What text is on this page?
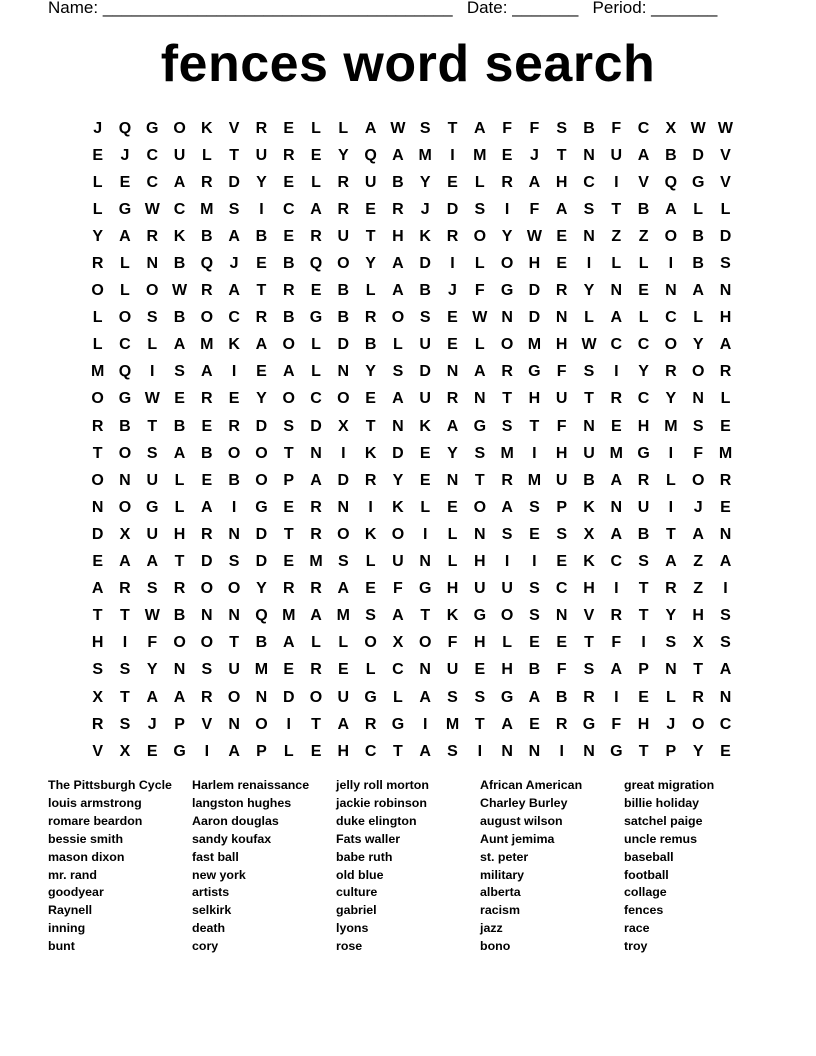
Name: _____________________________________ Date: _______ Period: _______
fences word search
J	Q	G	O	K	V	R	E	L	L	A	W	S	T	A	F	F	S	B	F	C	X	W	W
E	J	C	U	L	T	U	R	E	Y	Q	A	M	I	M	E	J	T	N	U	A	B	D	V
L	E	C	A	R	D	Y	E	L	R	U	B	Y	E	L	R	A	H	C	I	V	Q	G	V
L	G	W	C	M	S	I	C	A	R	E	R	J	D	S	I	F	A	S	T	B	A	L	L
Y	A	R	K	B	A	B	E	R	U	T	H	K	R	O	Y	W	E	N	Z	Z	O	B	D
R	L	N	B	Q	J	E	B	Q	O	Y	A	D	I	L	O	H	E	I	L	L	I	B	S
O	L	O	W	R	A	T	R	E	B	L	A	B	J	F	G	D	R	Y	N	E	N	A	N
L	O	S	B	O	C	R	B	G	B	R	O	S	E	W	N	D	N	L	A	L	C	L	H
L	C	L	A	M	K	A	O	L	D	B	L	U	E	L	O	M	H	W	C	C	O	Y	A
M	Q	I	S	A	I	E	A	L	N	Y	S	D	N	A	R	G	F	S	I	Y	R	O	R
O	G	W	E	R	E	Y	O	C	O	E	A	U	R	N	T	H	U	T	R	C	Y	N	L
R	B	T	B	E	R	D	S	D	X	T	N	K	A	G	S	T	F	N	E	H	M	S	E
T	O	S	A	B	O	O	T	N	I	K	D	E	Y	S	M	I	H	U	M	G	I	F	M
O	N	U	L	E	B	O	P	A	D	R	Y	E	N	T	R	M	U	B	A	R	L	O	R
N	O	G	L	A	I	G	E	R	N	I	K	L	E	O	A	S	P	K	N	U	I	J	E
D	X	U	H	R	N	D	T	R	O	K	O	I	L	N	S	E	S	X	A	B	T	A	N
E	A	A	T	D	S	D	E	M	S	L	U	N	L	H	I	I	E	K	C	S	A	Z	A
A	R	S	R	O	O	Y	R	R	A	E	F	G	H	U	U	S	C	H	I	T	R	Z	I
T	T	W	B	N	N	Q	M	A	M	S	A	T	K	G	O	S	N	V	R	T	Y	H	S
H	I	F	O	O	T	B	A	L	L	O	X	O	F	H	L	E	E	T	F	I	S	X	S
S	S	Y	N	S	U	M	E	R	E	L	C	N	U	E	H	B	F	S	A	P	N	T	A
X	T	A	A	R	O	N	D	O	U	G	L	A	S	S	G	A	B	R	I	E	L	R	N
R	S	J	P	V	N	O	I	T	A	R	G	I	M	T	A	E	R	G	F	H	J	O	C
V	X	E	G	I	A	P	L	E	H	C	T	A	S	I	N	N	I	N	G	T	P	Y	E
The Pittsburgh Cycle
louis armstrong
romare beardon
bessie smith
mason dixon
mr. rand
goodyear
Raynell
inning
bunt
Harlem renaissance
langston hughes
Aaron douglas
sandy koufax
fast ball
new york
artists
selkirk
death
cory
jelly roll morton
jackie robinson
duke elington
Fats waller
babe ruth
old blue
culture
gabriel
lyons
rose
African American
Charley Burley
august wilson
Aunt jemima
st. peter
military
alberta
racism
jazz
bono
great migration
billie holiday
satchel paige
uncle remus
baseball
football
collage
fences
race
troy
